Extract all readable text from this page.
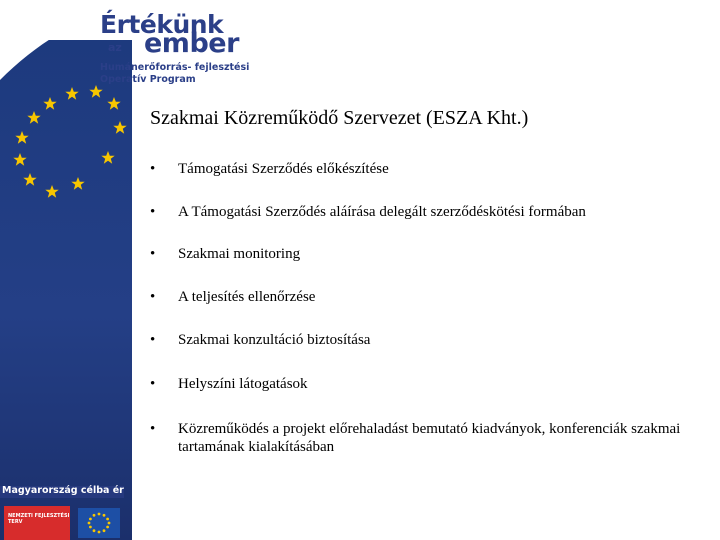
Értékünk
az ember
Humánerőforrás- fejlesztési
Operatív Program
Szakmai Közreműködő Szervezet (ESZA Kht.)
• Támogatási Szerződés előkészítése
• A Támogatási Szerződés aláírása delegált szerződéskötési formában
• Szakmai monitoring
• A teljesítés ellenőrzése
• Szakmai konzultáció biztosítása
• Helyszíni látogatások
• Közreműködés a projekt előrehaladást bemutató kiadványok, konferenciák szakmai tartamának kialakításában
Magyarország célba ér
NEMZETI FEJLESZTÉSI TERV
